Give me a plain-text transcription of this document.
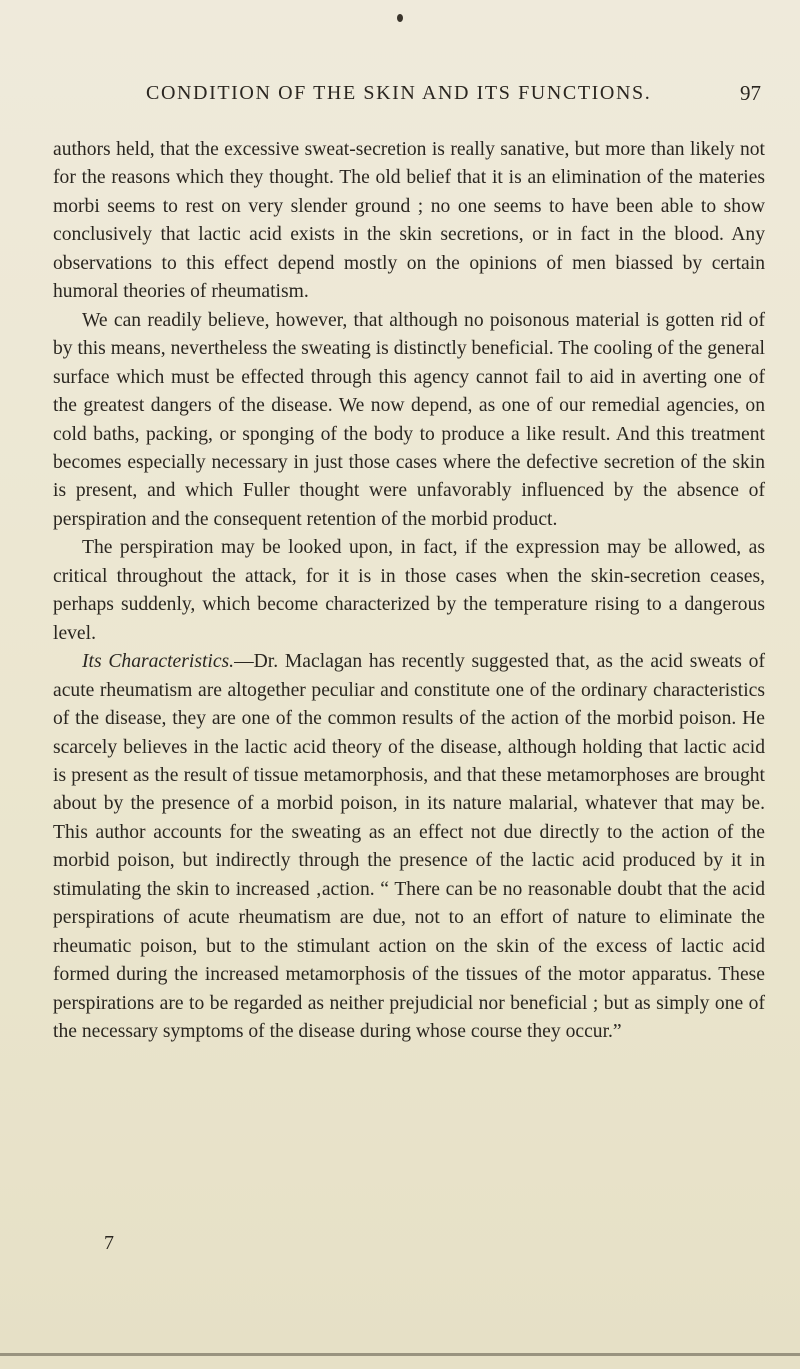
CONDITION OF THE SKIN AND ITS FUNCTIONS.	97

authors held, that the excessive sweat-secretion is really sanative, but more than likely not for the reasons which they thought. The old belief that it is an elimination of the materies morbi seems to rest on very slender ground ; no one seems to have been able to show conclusively that lactic acid exists in the skin secretions, or in fact in the blood. Any observations to this effect depend mostly on the opinions of men biassed by certain humoral theories of rheumatism.

We can readily believe, however, that although no poisonous material is gotten rid of by this means, nevertheless the sweating is distinctly beneficial. The cooling of the general surface which must be effected through this agency cannot fail to aid in averting one of the greatest dangers of the disease. We now depend, as one of our remedial agencies, on cold baths, packing, or sponging of the body to produce a like result. And this treatment becomes especially necessary in just those cases where the defective secretion of the skin is present, and which Fuller thought were unfavorably influenced by the absence of perspiration and the consequent retention of the morbid product.

The perspiration may be looked upon, in fact, if the expression may be allowed, as critical throughout the attack, for it is in those cases when the skin-secretion ceases, perhaps suddenly, which become characterized by the temperature rising to a dangerous level.

Its Characteristics.—Dr. Maclagan has recently suggested that, as the acid sweats of acute rheumatism are altogether peculiar and constitute one of the ordinary characteristics of the disease, they are one of the common results of the action of the morbid poison. He scarcely believes in the lactic acid theory of the disease, although holding that lactic acid is present as the result of tissue metamorphosis, and that these metamorphoses are brought about by the presence of a morbid poison, in its nature malarial, whatever that may be. This author accounts for the sweating as an effect not due directly to the action of the morbid poison, but indirectly through the presence of the lactic acid produced by it in stimulating the skin to increased ‚action. “ There can be no reasonable doubt that the acid perspirations of acute rheumatism are due, not to an effort of nature to eliminate the rheumatic poison, but to the stimulant action on the skin of the excess of lactic acid formed during the increased metamorphosis of the tissues of the motor apparatus. These perspirations are to be regarded as neither prejudicial nor beneficial ; but as simply one of the necessary symptoms of the disease during whose course they occur.”

7
